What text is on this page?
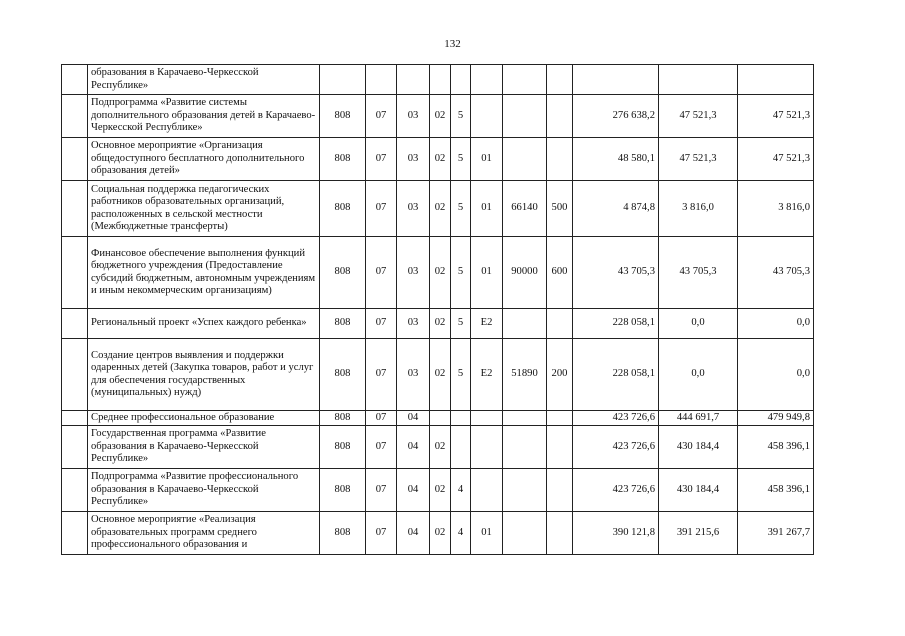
132
	образования в Карачаево-Черкесской Республике»											
	Подпрограмма «Развитие системы дополнительного образования детей в Карачаево-Черкесской Республике»	808	07	03	02	5				276 638,2	47 521,3	47 521,3
	Основное мероприятие «Организация общедоступного бесплатного дополнительного образования детей»	808	07	03	02	5	01			48 580,1	47 521,3	47 521,3
	Социальная поддержка педагогических работников образовательных организаций, расположенных в сельской местности (Межбюджетные трансферты)	808	07	03	02	5	01	66140	500	4 874,8	3 816,0	3 816,0
	Финансовое обеспечение выполнения функций бюджетного учреждения (Предоставление субсидий бюджетным, автономным учреждениям и иным некоммерческим организациям)	808	07	03	02	5	01	90000	600	43 705,3	43 705,3	43 705,3
	Региональный проект «Успех каждого ребенка»	808	07	03	02	5	E2			228 058,1	0,0	0,0
	Создание центров выявления и поддержки одаренных детей (Закупка товаров, работ и услуг для обеспечения государственных (муниципальных) нужд)	808	07	03	02	5	E2	51890	200	228 058,1	0,0	0,0
	Среднее профессиональное образование	808	07	04						423 726,6	444 691,7	479 949,8
	Государственная программа «Развитие образования в Карачаево-Черкесской Республике»	808	07	04	02					423 726,6	430 184,4	458 396,1
	Подпрограмма «Развитие профессионального образования в Карачаево-Черкесской Республике»	808	07	04	02	4				423 726,6	430 184,4	458 396,1
	Основное мероприятие «Реализация образовательных программ среднего профессионального образования и	808	07	04	02	4	01			390 121,8	391 215,6	391 267,7
